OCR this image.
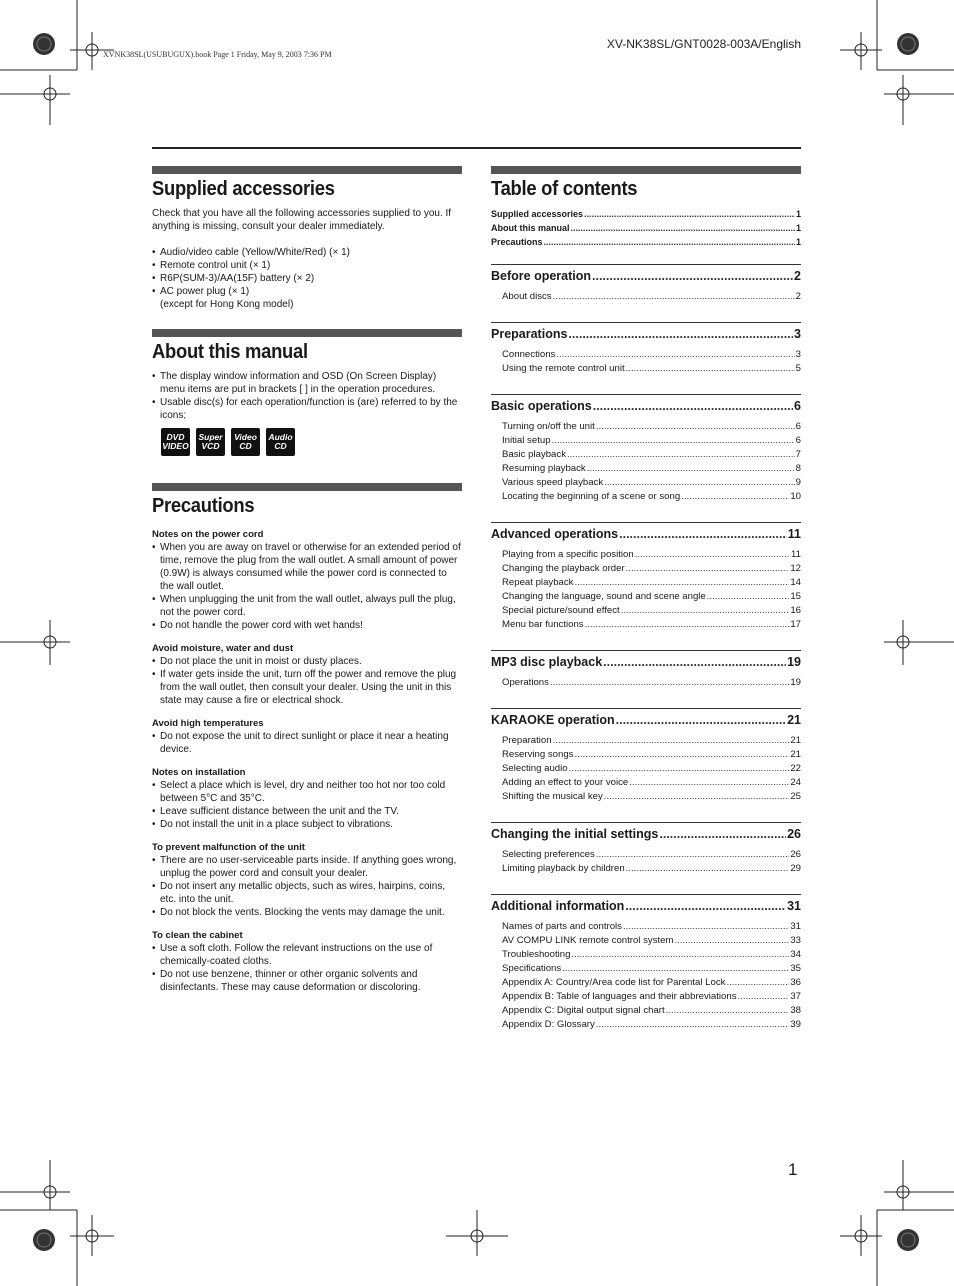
XVNK38SL(USUBUGUX).book Page 1 Friday, May 9, 2003 7:36 PM
XV-NK38SL/GNT0028-003A/English
Supplied accessories
Check that you have all the following accessories supplied to you. If anything is missing, consult your dealer immediately.
• Audio/video cable (Yellow/White/Red) (× 1)
• Remote control unit (× 1)
• R6P(SUM-3)/AA(15F) battery (× 2)
• AC power plug (× 1)
(except for Hong Kong model)
About this manual
• The display window information and OSD (On Screen Display) menu items are put in brackets [ ] in the operation procedures.
• Usable disc(s) for each operation/function is (are) referred to by the icons;
DVD
VIDEO
Super
VCD
Video
CD
Audio
CD
Precautions
Notes on the power cord
• When you are away on travel or otherwise for an extended period of time, remove the plug from the wall outlet. A small amount of power (0.9W) is always consumed while the power cord is connected to the wall outlet.
• When unplugging the unit from the wall outlet, always pull the plug, not the power cord.
• Do not handle the power cord with wet hands!
Avoid moisture, water and dust
• Do not place the unit in moist or dusty places.
• If water gets inside the unit, turn off the power and remove the plug from the wall outlet, then consult your dealer. Using the unit in this state may cause a fire or electrical shock.
Avoid high temperatures
• Do not expose the unit to direct sunlight or place it near a heating device.
Notes on installation
• Select a place which is level, dry and neither too hot nor too cold between 5°C and 35°C.
• Leave sufficient distance between the unit and the TV.
• Do not install the unit in a place subject to vibrations.
To prevent malfunction of the unit
• There are no user-serviceable parts inside. If anything goes wrong, unplug the power cord and consult your dealer.
• Do not insert any metallic objects, such as wires, hairpins, coins, etc. into the unit.
• Do not block the vents. Blocking the vents may damage the unit.
To clean the cabinet
• Use a soft cloth. Follow the relevant instructions on the use of chemically-coated cloths.
• Do not use benzene, thinner or other organic solvents and disinfectants. These may cause deformation or discoloring.
Table of contents
Supplied accessories .....	1
About this manual .....	1
Precautions .....	1
Before operation .....	2
About discs .....	2
Preparations .....	3
Connections .....	3
Using the remote control unit .....	5
Basic operations .....	6
Turning on/off the unit .....	6
Initial setup .....	6
Basic playback .....	7
Resuming playback .....	8
Various speed playback .....	9
Locating the beginning of a scene or song .....	10
Advanced operations .....	11
Playing from a specific position .....	11
Changing the playback order .....	12
Repeat playback .....	14
Changing the language, sound and scene angle .....	15
Special picture/sound effect .....	16
Menu bar functions .....	17
MP3 disc playback .....	19
Operations .....	19
KARAOKE operation .....	21
Preparation .....	21
Reserving songs .....	21
Selecting audio .....	22
Adding an effect to your voice .....	24
Shifting the musical key .....	25
Changing the initial settings .....	26
Selecting preferences .....	26
Limiting playback by children .....	29
Additional information .....	31
Names of parts and controls .....	31
AV COMPU LINK remote control system .....	33
Troubleshooting .....	34
Specifications .....	35
Appendix A: Country/Area code list for Parental Lock .....	36
Appendix B: Table of languages and their abbreviations .....	37
Appendix C: Digital output signal chart .....	38
Appendix D: Glossary .....	39
1
